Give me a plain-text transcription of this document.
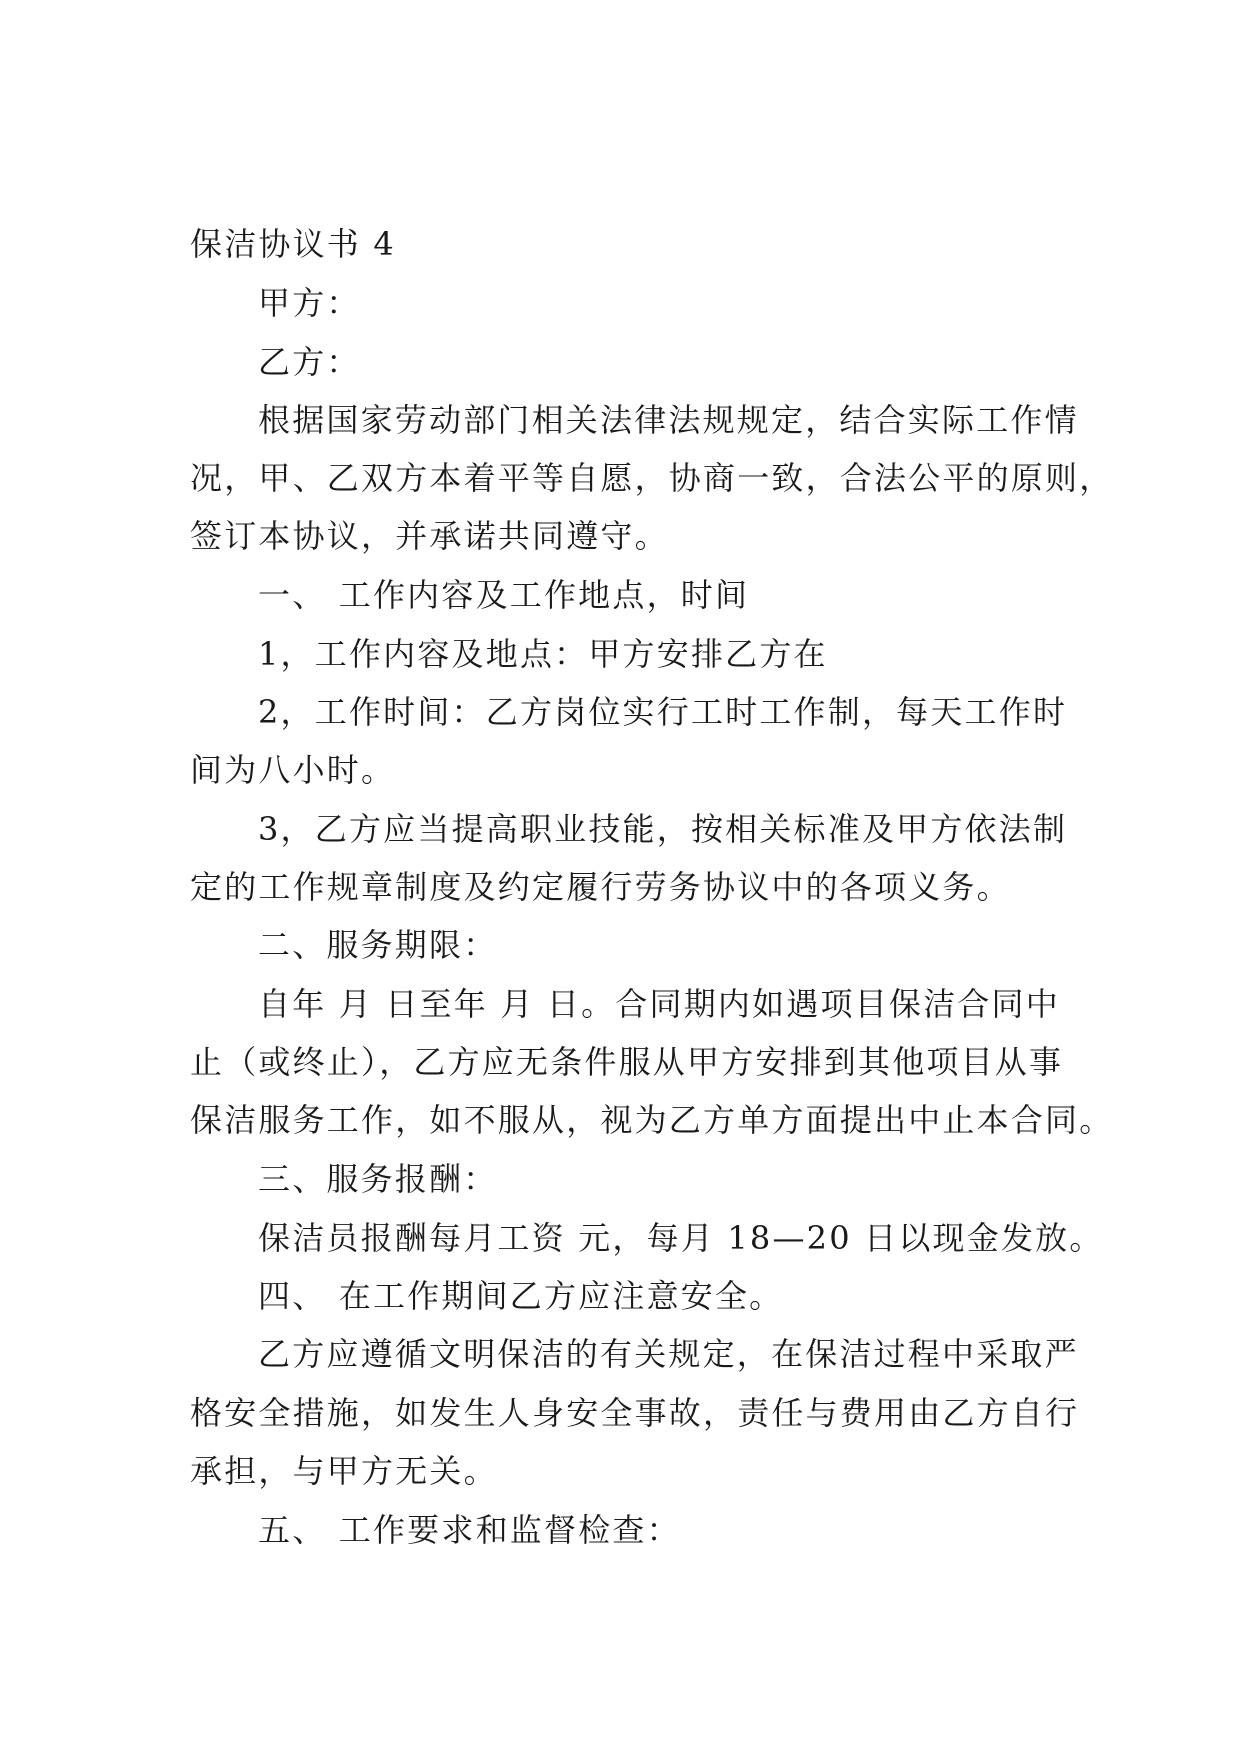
保洁协议书 4
甲方：
乙方：
根据国家劳动部门相关法律法规规定，结合实际工作情
况，甲、乙双方本着平等自愿，协商一致，合法公平的原则，
签订本协议，并承诺共同遵守。
一、 工作内容及工作地点，时间
1，工作内容及地点：甲方安排乙方在
2，工作时间：乙方岗位实行工时工作制，每天工作时
间为八小时。
3，乙方应当提高职业技能，按相关标准及甲方依法制
定的工作规章制度及约定履行劳务协议中的各项义务。
二、服务期限：
自年 月 日至年 月 日。合同期内如遇项目保洁合同中
止（或终止），乙方应无条件服从甲方安排到其他项目从事
保洁服务工作，如不服从，视为乙方单方面提出中止本合同。
三、服务报酬：
保洁员报酬每月工资 元，每月 18—20 日以现金发放。
四、 在工作期间乙方应注意安全。
乙方应遵循文明保洁的有关规定，在保洁过程中采取严
格安全措施，如发生人身安全事故，责任与费用由乙方自行
承担，与甲方无关。
五、 工作要求和监督检查：
